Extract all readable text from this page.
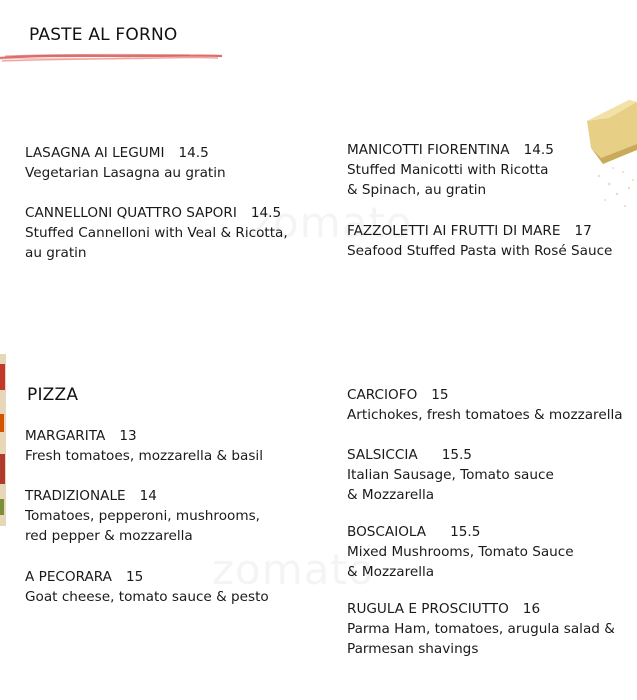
PASTE AL FORNO
LASAGNA AI LEGUMI 14.5
Vegetarian Lasagna au gratin
CANNELLONI QUATTRO SAPORI 14.5
Stuffed Cannelloni with Veal & Ricotta,
au gratin
MANICOTTI FIORENTINA 14.5
Stuffed Manicotti with Ricotta
& Spinach, au gratin
FAZZOLETTI AI FRUTTI DI MARE 17
Seafood Stuffed Pasta with Rosé Sauce
PIZZA
MARGARITA 13
Fresh tomatoes, mozzarella & basil
TRADIZIONALE 14
Tomatoes, pepperoni, mushrooms,
red pepper & mozzarella
A PECORARA 15
Goat cheese, tomato sauce & pesto
CARCIOFO 15
Artichokes, fresh tomatoes & mozzarella
SALSICCIA 15.5
Italian Sausage, Tomato sauce
& Mozzarella
BOSCAIOLA 15.5
Mixed Mushrooms, Tomato Sauce
& Mozzarella
RUGULA E PROSCIUTTO 16
Parma Ham, tomatoes, arugula salad &
Parmesan shavings
